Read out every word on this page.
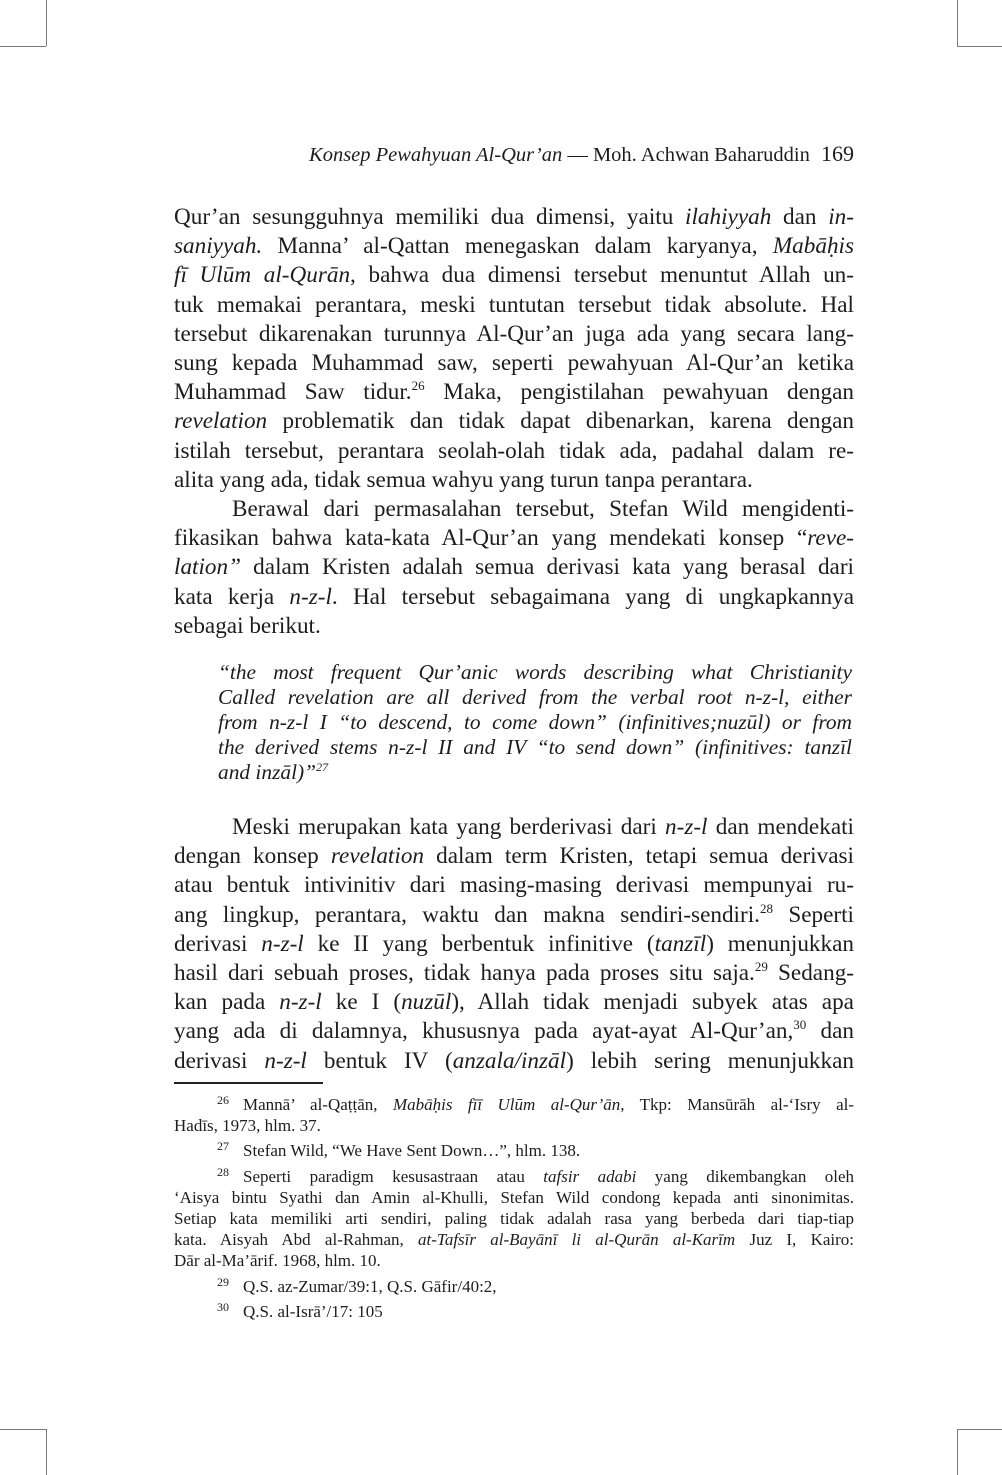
Konsep Pewahyuan Al-Qur’an — Moh. Achwan Baharuddin 169

Qur’an sesungguhnya memiliki dua dimensi, yaitu ilahiyyah dan in-

saniyyah. Manna’ al-Qattan menegaskan dalam karyanya, Mabāḥis

fī Ulūm al-Qurān, bahwa dua dimensi tersebut menuntut Allah un-

tuk memakai perantara, meski tuntutan tersebut tidak absolute. Hal

tersebut dikarenakan turunnya Al-Qur’an juga ada yang secara lang-

sung kepada Muhammad saw, seperti pewahyuan Al-Qur’an ketika

Muhammad Saw tidur.$^{26}$ Maka, pengistilahan pewahyuan dengan

revelation problematik dan tidak dapat dibenarkan, karena dengan

istilah tersebut, perantara seolah-olah tidak ada, padahal dalam re-

alita yang ada, tidak semua wahyu yang turun tanpa perantara.

Berawal dari permasalahan tersebut, Stefan Wild mengidenti-

fikasikan bahwa kata-kata Al-Qur’an yang mendekati konsep “reve-

lation” dalam Kristen adalah semua derivasi kata yang berasal dari

kata kerja n-z-l. Hal tersebut sebagaimana yang di ungkapkannya

sebagai berikut.

“the most frequent Qur’anic words describing what Christianity

Called revelation are all derived from the verbal root n-z-l, either

from n-z-l I “to descend, to come down” (infinitives;nuzūl) or from

the derived stems n-z-l II and IV “to send down” (infinitives: tanzīl

and inzāl)”$^{27}$

Meski merupakan kata yang berderivasi dari n-z-l dan mendekati

dengan konsep revelation dalam term Kristen, tetapi semua derivasi

atau bentuk intivinitiv dari masing-masing derivasi mempunyai ru-

ang lingkup, perantara, waktu dan makna sendiri-sendiri.$^{28}$ Seperti

derivasi n-z-l ke II yang berbentuk infinitive (tanzīl) menunjukkan

hasil dari sebuah proses, tidak hanya pada proses situ saja.$^{29}$ Sedang-

kan pada n-z-l ke I (nuzūl), Allah tidak menjadi subyek atas apa

yang ada di dalamnya, khususnya pada ayat-ayat Al-Qur’an,$^{30}$ dan

derivasi n-z-l bentuk IV (anzala/inzāl) lebih sering menunjukkan

$^{26}$ Mannā’ al-Qaṭṭān, Mabāḥis fīī Ulūm al-Qur’ān, Tkp: Mansūrāh al-‘Isry al-

Hadīs, 1973, hlm. 37.

$^{27}$ Stefan Wild, “We Have Sent Down…”, hlm. 138.

$^{28}$ Seperti paradigm kesusastraan atau tafsir adabi yang dikembangkan oleh

‘Aisya bintu Syathi dan Amin al-Khulli, Stefan Wild condong kepada anti sinonimitas.

Setiap kata memiliki arti sendiri, paling tidak adalah rasa yang berbeda dari tiap-tiap

kata. Aisyah Abd al-Rahman, at-Tafsīr al-Bayānī li al-Qurān al-Karīm Juz I, Kairo:

Dār al-Ma’ārif. 1968, hlm. 10.

$^{29}$ Q.S. az-Zumar/39:1, Q.S. Gāfir/40:2,

$^{30}$ Q.S. al-Isrā’/17: 105
